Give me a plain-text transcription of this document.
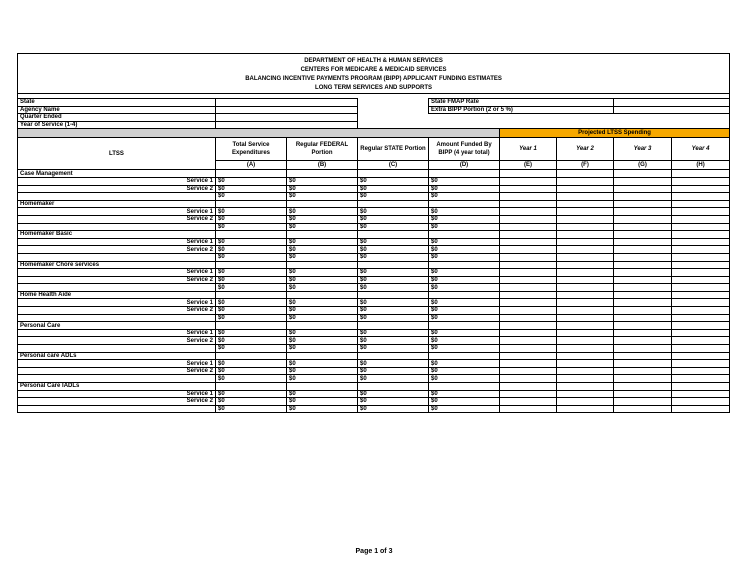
DEPARTMENT OF HEALTH & HUMAN SERVICES								
CENTERS FOR MEDICARE & MEDICAID SERVICES								
BALANCING INCENTIVE PAYMENTS PROGRAM (BIPP) APPLICANT FUNDING ESTIMATES								
LONG TERM SERVICES AND SUPPORTS								

State				State FMAP Rate				
Agency Name				Extra BIPP Portion (2 or 5 %)				
Quarter Ended								
Year of Service (1-4)								
					Projected LTSS Spending			
LTSS	Total Service Expenditures	Regular FEDERAL Portion	Regular STATE Portion	Amount Funded By BIPP (4 year total)	Year 1	Year 2	Year 3	Year 4
	(A)	(B)	(C)	(D)	(E)	(F)	(G)	(H)
Case Management								
Service 1	$0	$0	$0	$0				
Service 2	$0	$0	$0	$0				
	$0	$0	$0	$0				
Homemaker								
Service 1	$0	$0	$0	$0				
Service 2	$0	$0	$0	$0				
	$0	$0	$0	$0				
Homemaker Basic								
Service 1	$0	$0	$0	$0				
Service 2	$0	$0	$0	$0				
	$0	$0	$0	$0				
Homemaker Chore services								
Service 1	$0	$0	$0	$0				
Service 2	$0	$0	$0	$0				
	$0	$0	$0	$0				
Home Health Aide								
Service 1	$0	$0	$0	$0				
Service 2	$0	$0	$0	$0				
	$0	$0	$0	$0				
Personal Care								
Service 1	$0	$0	$0	$0				
Service 2	$0	$0	$0	$0				
	$0	$0	$0	$0				
Personal care ADLs								
Service 1	$0	$0	$0	$0				
Service 2	$0	$0	$0	$0				
	$0	$0	$0	$0				
Personal Care IADLs								
Service 1	$0	$0	$0	$0				
Service 2	$0	$0	$0	$0				
	$0	$0	$0	$0				
Page 1 of 3
